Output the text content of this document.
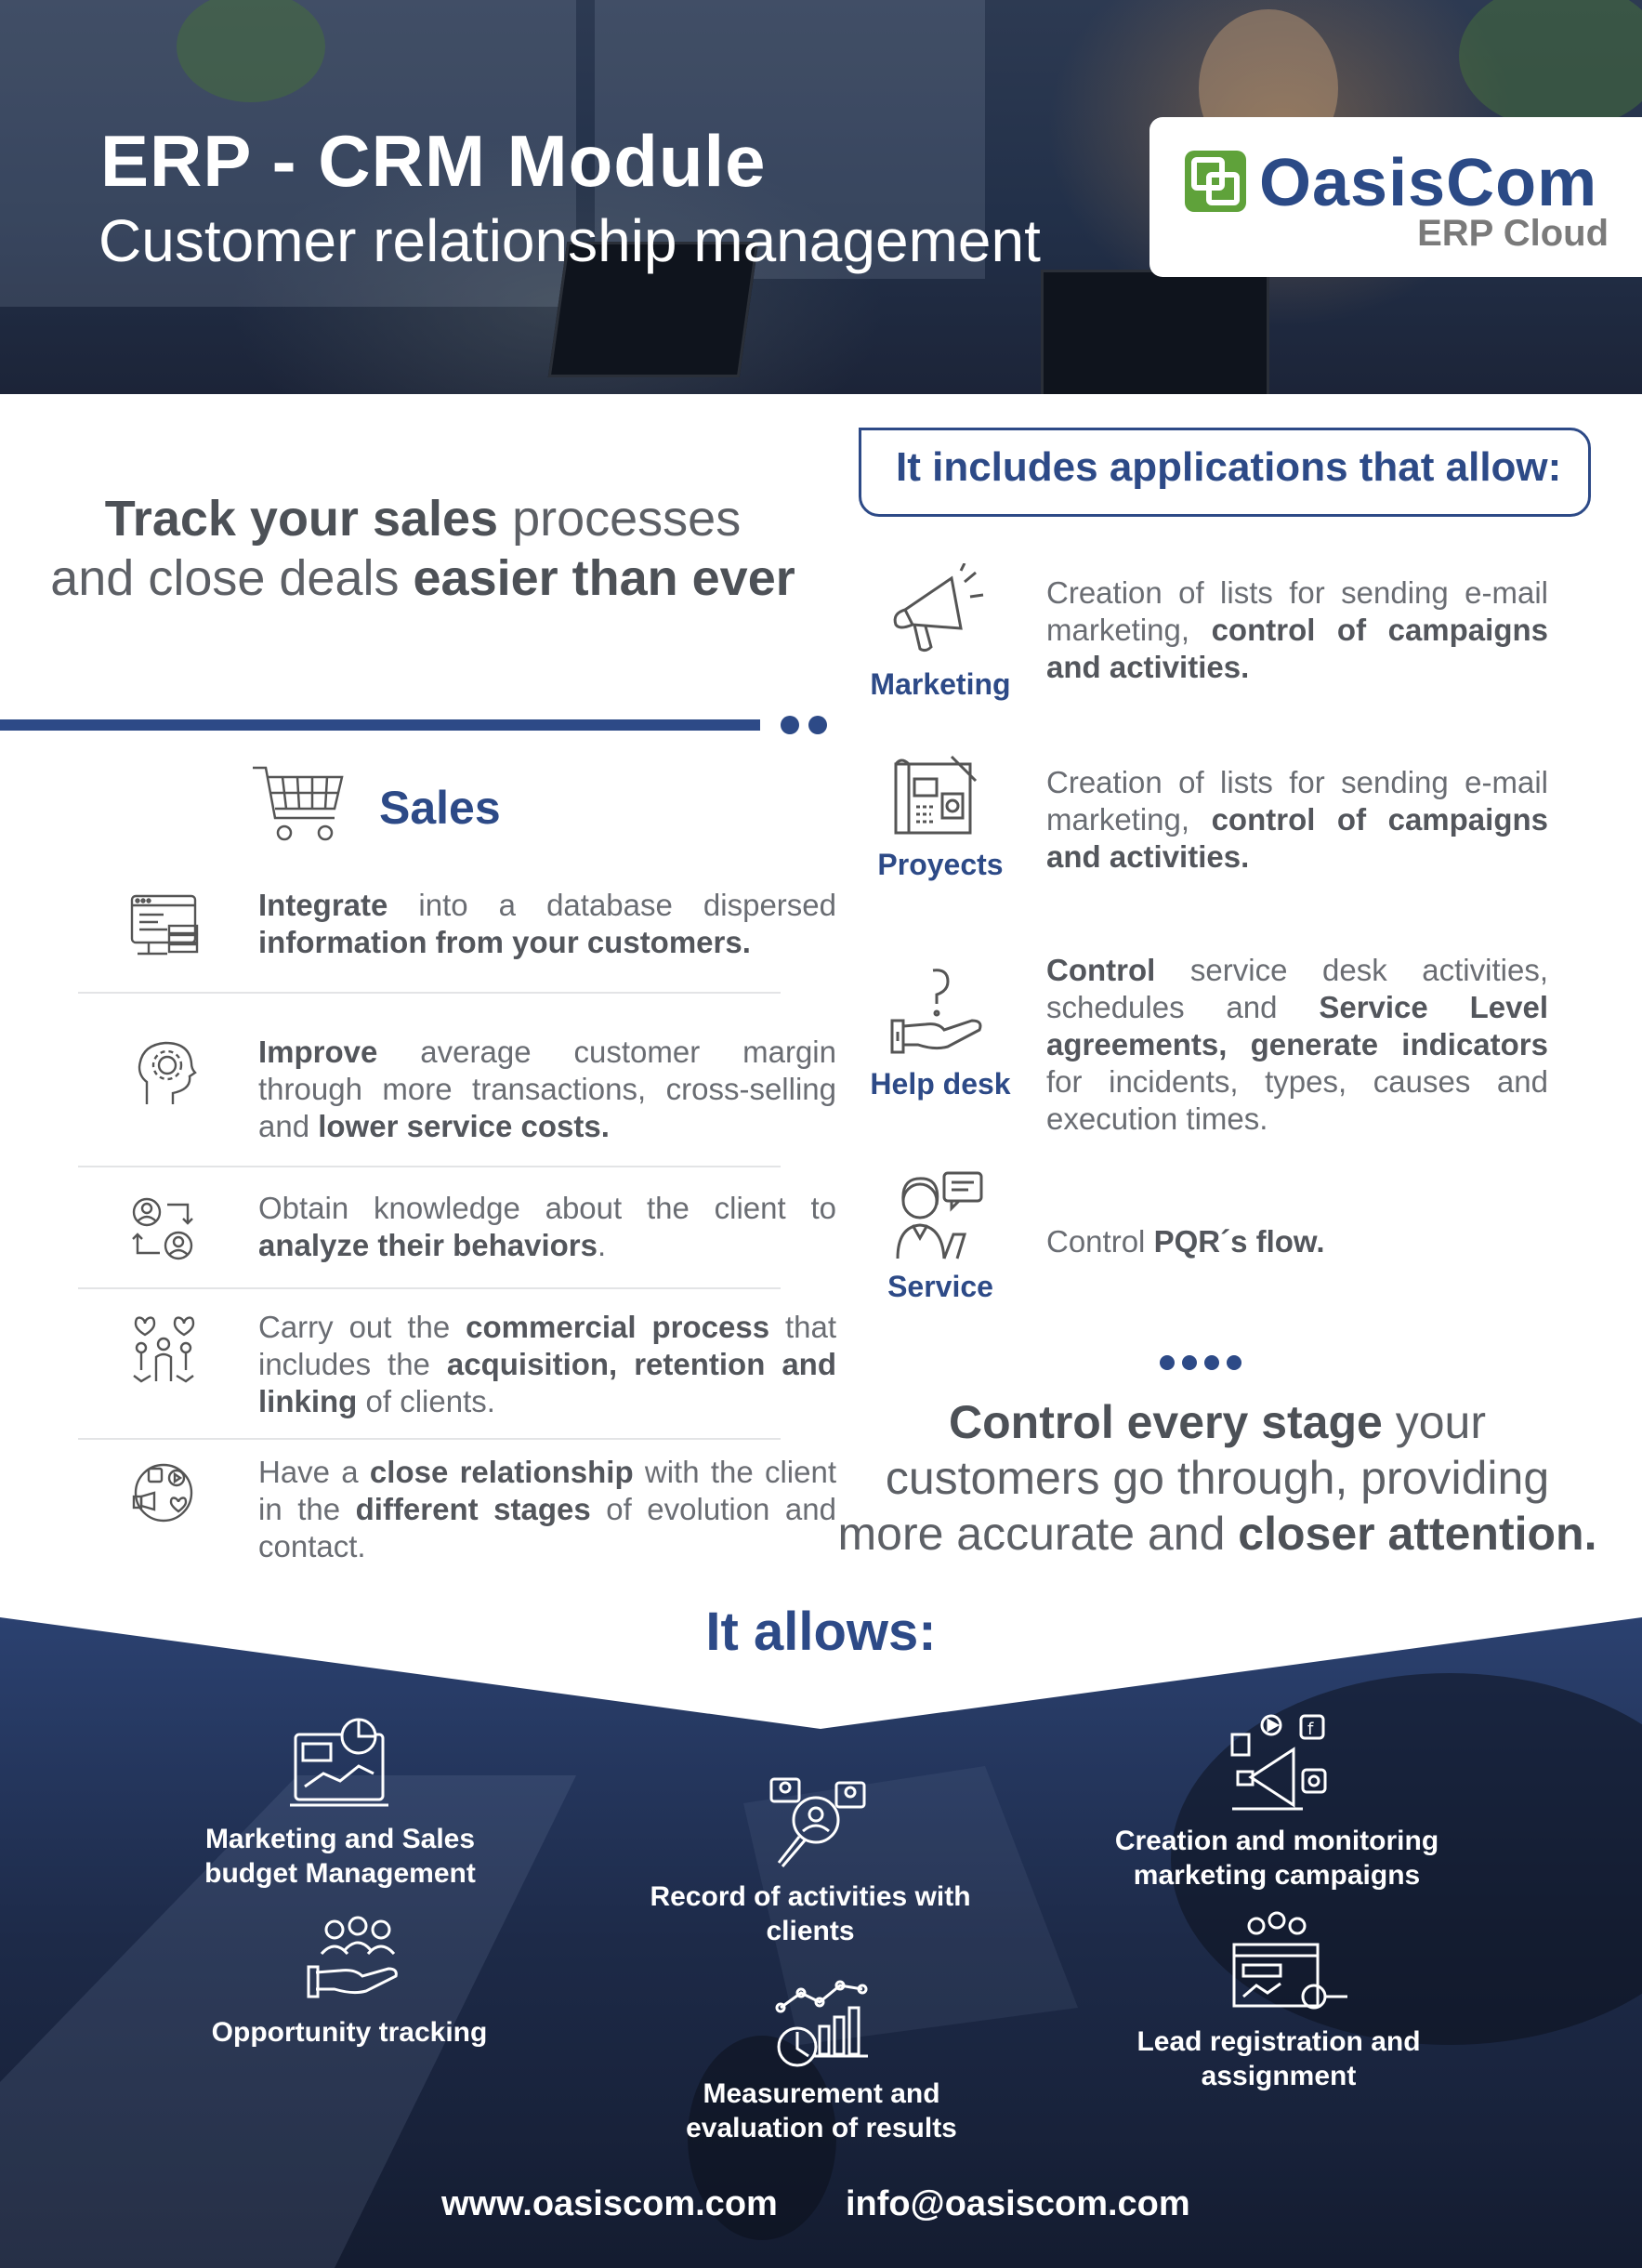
ERP - CRM Module
Customer relationship management
OasisCom
ERP Cloud
Track your sales processes
and close deals easier than ever
Sales
Integrate into a database dispersed information from your customers.
Improve average customer margin through more transactions, cross-selling and lower service costs.
Obtain knowledge about the client to analyze their behaviors.
Carry out the commercial process that includes the acquisition, retention and linking of clients.
Have a close relationship with the client in the different stages of evolution and contact.
It includes applications that allow:
Marketing
Creation of lists for sending e-mail marketing, control of campaigns and activities.
Proyects
Creation of lists for sending e-mail marketing, control of campaigns and activities.
Help desk
Control service desk activities, schedules and Service Level agreements, generate indicators for incidents, types, causes and execution times.
Service
Control PQR´s flow.
Control every stage your customers go through, providing more accurate and closer attention.
It allows:
Marketing and Sales budget Management
Opportunity tracking
Record of activities with clients
Measurement and evaluation of results
f
Creation and monitoring marketing campaigns
Lead registration and assignment
www.oasiscom.com info@oasiscom.com
